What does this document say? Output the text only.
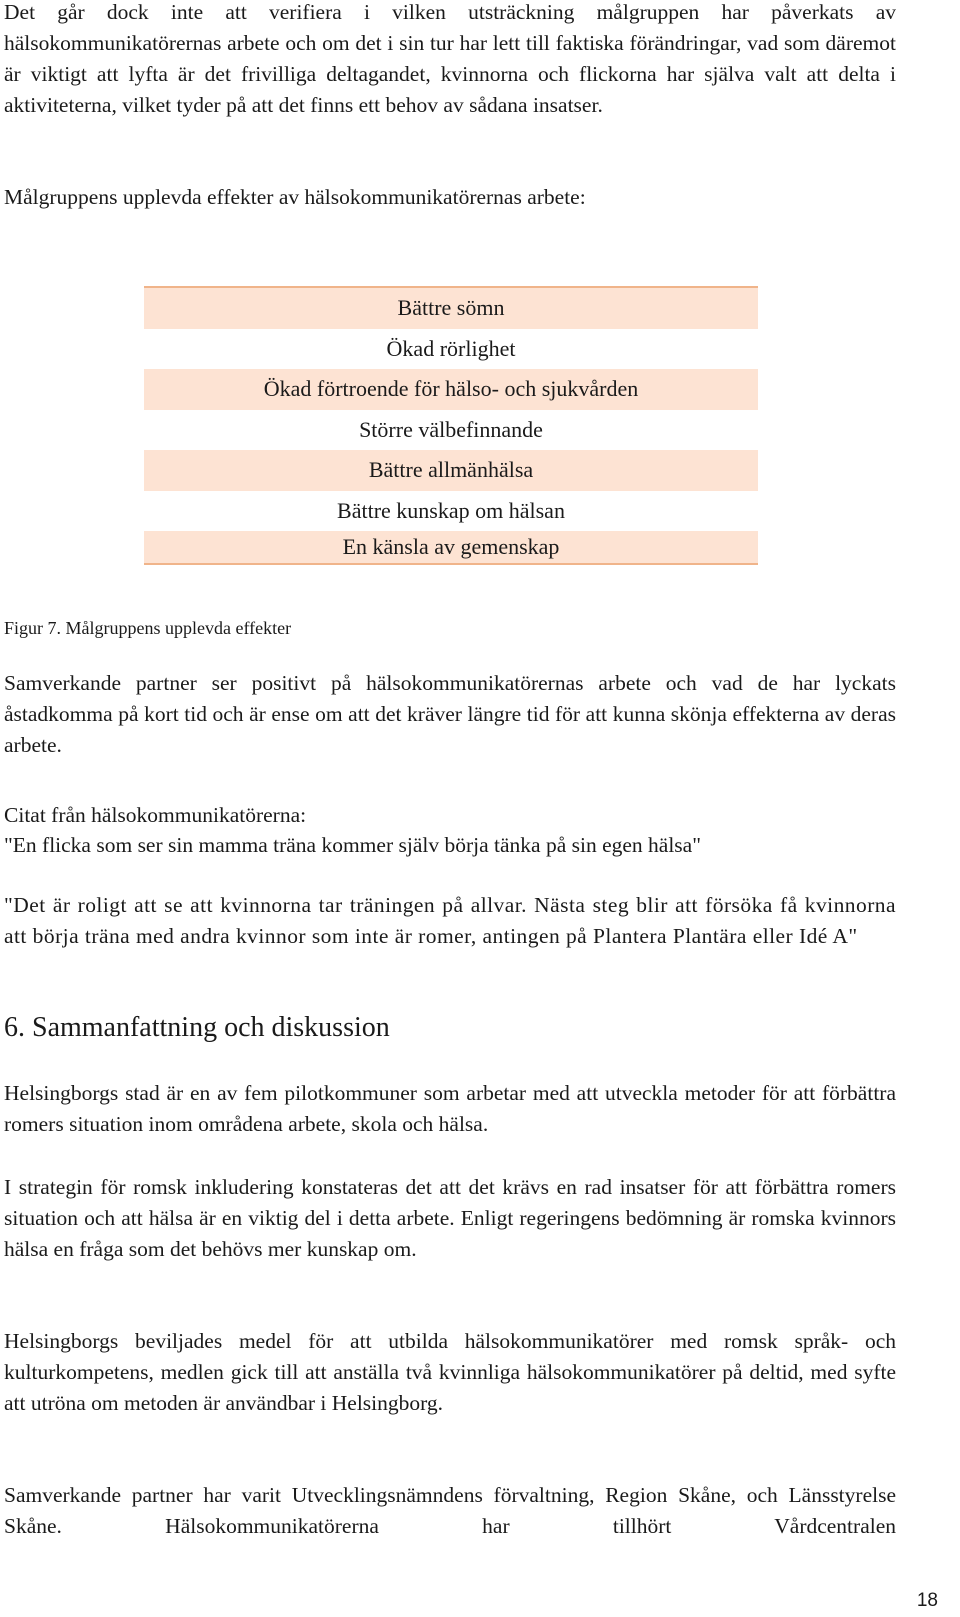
Det går dock inte att verifiera i vilken utsträckning målgruppen har påverkats av hälsokommunikatörernas arbete och om det i sin tur har lett till faktiska förändringar, vad som däremot är viktigt att lyfta är det frivilliga deltagandet, kvinnorna och flickorna har själva valt att delta i aktiviteterna, vilket tyder på att det finns ett behov av sådana insatser.

Målgruppens upplevda effekter av hälsokommunikatörernas arbete:

Bättre sömn
Ökad rörlighet
Ökad förtroende för hälso- och sjukvården
Större välbefinnande
Bättre allmänhälsa
Bättre kunskap om hälsan
En känsla av gemenskap
Figur 7. Målgruppens upplevda effekter

Samverkande partner ser positivt på hälsokommunikatörernas arbete och vad de har lyckats åstadkomma på kort tid och är ense om att det kräver längre tid för att kunna skönja effekterna av deras arbete.

Citat från hälsokommunikatörerna:

"En flicka som ser sin mamma träna kommer själv börja tänka på sin egen hälsa"

"Det är roligt att se att kvinnorna tar träningen på allvar. Nästa steg blir att försöka få kvinnorna att börja träna med andra kvinnor som inte är romer, antingen på Plantera Plantära eller Idé A"

6. Sammanfattning och diskussion

Helsingborgs stad är en av fem pilotkommuner som arbetar med att utveckla metoder för att förbättra romers situation inom områdena arbete, skola och hälsa.

I strategin för romsk inkludering konstateras det att det krävs en rad insatser för att förbättra romers situation och att hälsa är en viktig del i detta arbete. Enligt regeringens bedömning är romska kvinnors hälsa en fråga som det behövs mer kunskap om.

Helsingborgs beviljades medel för att utbilda hälsokommunikatörer med romsk språk- och kulturkompetens, medlen gick till att anställa två kvinnliga hälsokommunikatörer på deltid, med syfte att utröna om metoden är användbar i Helsingborg.

Samverkande partner har varit Utvecklingsnämndens förvaltning, Region Skåne, och Länsstyrelse Skåne. Hälsokommunikatörerna har tillhört Vårdcentralen

18
